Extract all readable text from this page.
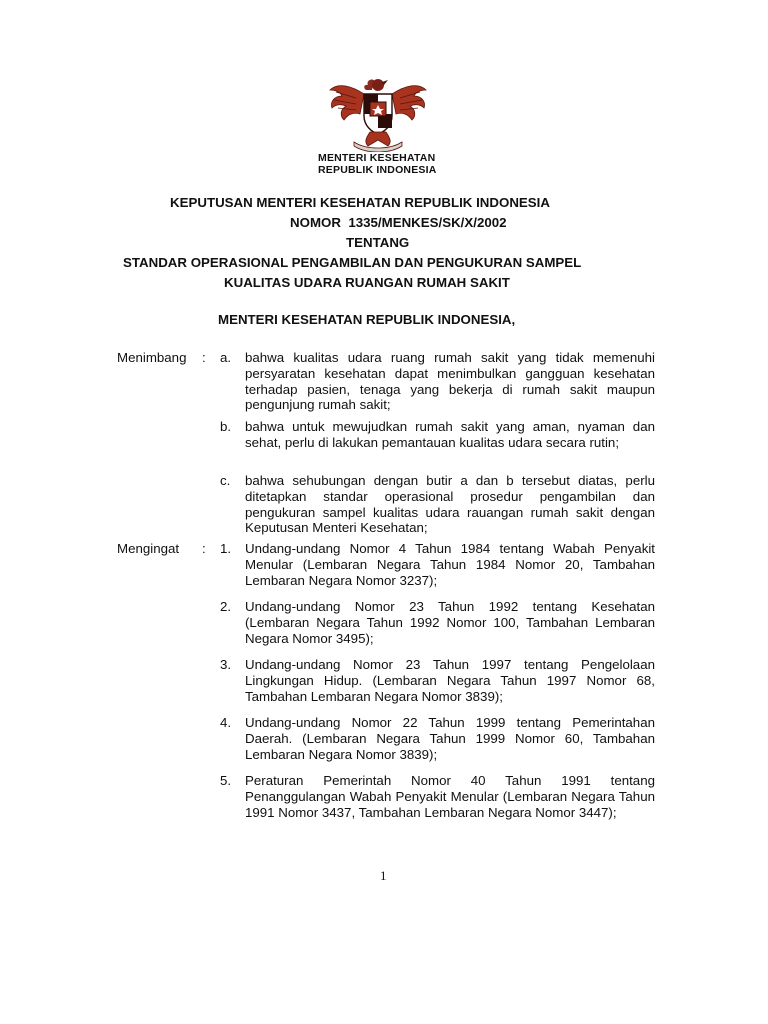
MENTERI KESEHATAN
REPUBLIK INDONESIA
KEPUTUSAN MENTERI KESEHATAN REPUBLIK INDONESIA
NOMOR  1335/MENKES/SK/X/2002
TENTANG
STANDAR OPERASIONAL PENGAMBILAN DAN PENGUKURAN SAMPEL
KUALITAS UDARA RUANGAN RUMAH SAKIT
MENTERI KESEHATAN REPUBLIK INDONESIA,
Menimbang : a. bahwa kualitas udara ruang rumah sakit yang tidak memenuhi persyaratan kesehatan dapat menimbulkan gangguan kesehatan terhadap pasien, tenaga yang bekerja di rumah sakit maupun pengunjung rumah sakit;
b. bahwa untuk mewujudkan rumah sakit yang aman, nyaman dan sehat, perlu di lakukan pemantauan kualitas udara secara rutin;
c. bahwa sehubungan dengan butir a dan b tersebut diatas, perlu ditetapkan standar operasional prosedur pengambilan dan pengukuran sampel kualitas udara rauangan rumah sakit dengan Keputusan Menteri Kesehatan;
Mengingat : 1. Undang-undang Nomor 4 Tahun 1984 tentang Wabah Penyakit Menular (Lembaran Negara Tahun 1984 Nomor 20, Tambahan Lembaran Negara Nomor 3237);
2. Undang-undang Nomor 23 Tahun 1992 tentang Kesehatan (Lembaran Negara Tahun 1992 Nomor 100, Tambahan Lembaran Negara Nomor 3495);
3. Undang-undang Nomor 23 Tahun 1997 tentang Pengelolaan Lingkungan Hidup. (Lembaran Negara Tahun 1997 Nomor 68, Tambahan Lembaran Negara Nomor 3839);
4. Undang-undang Nomor 22 Tahun 1999 tentang Pemerintahan Daerah. (Lembaran Negara Tahun 1999 Nomor 60, Tambahan Lembaran Negara Nomor 3839);
5. Peraturan Pemerintah Nomor 40 Tahun 1991 tentang Penanggulangan Wabah Penyakit Menular (Lembaran Negara Tahun 1991 Nomor 3437, Tambahan Lembaran Negara Nomor 3447);
1
